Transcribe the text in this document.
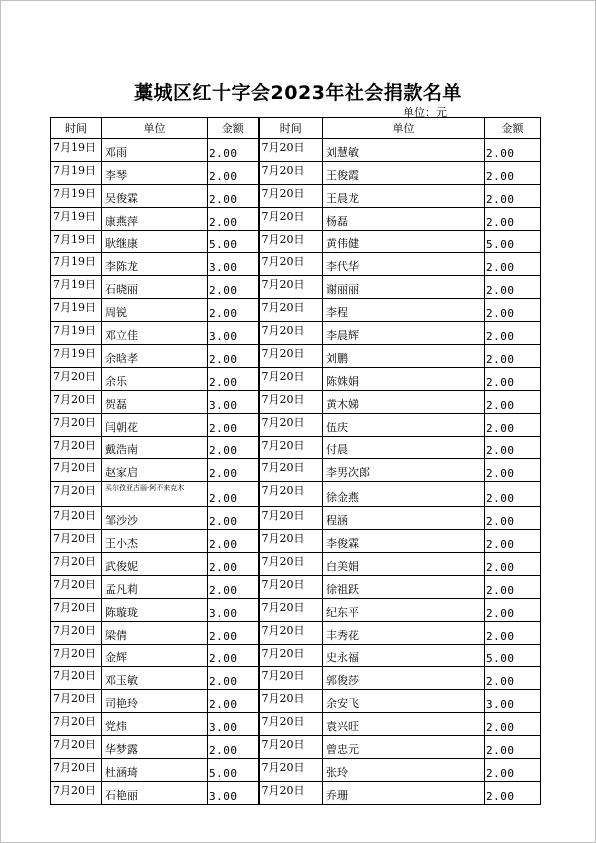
藁城区红十字会2023年社会捐款名单
单位：元
时间	单位	金额	时间	单位	金额
7月19日	邓雨	2.00	7月20日	刘慧敏	2.00
7月19日	李琴	2.00	7月20日	王俊霞	2.00
7月19日	吴俊霖	2.00	7月20日	王晨龙	2.00
7月19日	康燕萍	2.00	7月20日	杨磊	2.00
7月19日	耿继康	5.00	7月20日	黄伟健	5.00
7月19日	李陈龙	3.00	7月20日	李代华	2.00
7月19日	石晓丽	2.00	7月20日	谢丽丽	2.00
7月19日	周锐	2.00	7月20日	李程	2.00
7月19日	邓立佳	3.00	7月20日	李晨辉	2.00
7月19日	余晗孝	2.00	7月20日	刘鹏	2.00
7月20日	余乐	2.00	7月20日	陈姝娟	2.00
7月20日	贺磊	3.00	7月20日	黄木娣	2.00
7月20日	闫朝花	2.00	7月20日	伍庆	2.00
7月20日	戴浩南	2.00	7月20日	付晨	2.00
7月20日	赵家启	2.00	7月20日	李男次郎	2.00
7月20日	买尔孜亚古丽·阿不来克木	2.00	7月20日	徐金燕	2.00
7月20日	邹沙沙	2.00	7月20日	程涵	2.00
7月20日	王小杰	2.00	7月20日	李俊霖	2.00
7月20日	武俊妮	2.00	7月20日	白美娟	2.00
7月20日	孟凡莉	2.00	7月20日	徐祖跃	2.00
7月20日	陈璇珑	3.00	7月20日	纪东平	2.00
7月20日	梁倩	2.00	7月20日	丰秀花	2.00
7月20日	金辉	2.00	7月20日	史永福	5.00
7月20日	邓玉敏	2.00	7月20日	郭俊莎	2.00
7月20日	司艳玲	2.00	7月20日	余安飞	3.00
7月20日	党炜	3.00	7月20日	袁兴旺	2.00
7月20日	华梦露	2.00	7月20日	曾忠元	2.00
7月20日	杜涵琦	5.00	7月20日	张玲	2.00
7月20日	石艳丽	3.00	7月20日	乔珊	2.00
